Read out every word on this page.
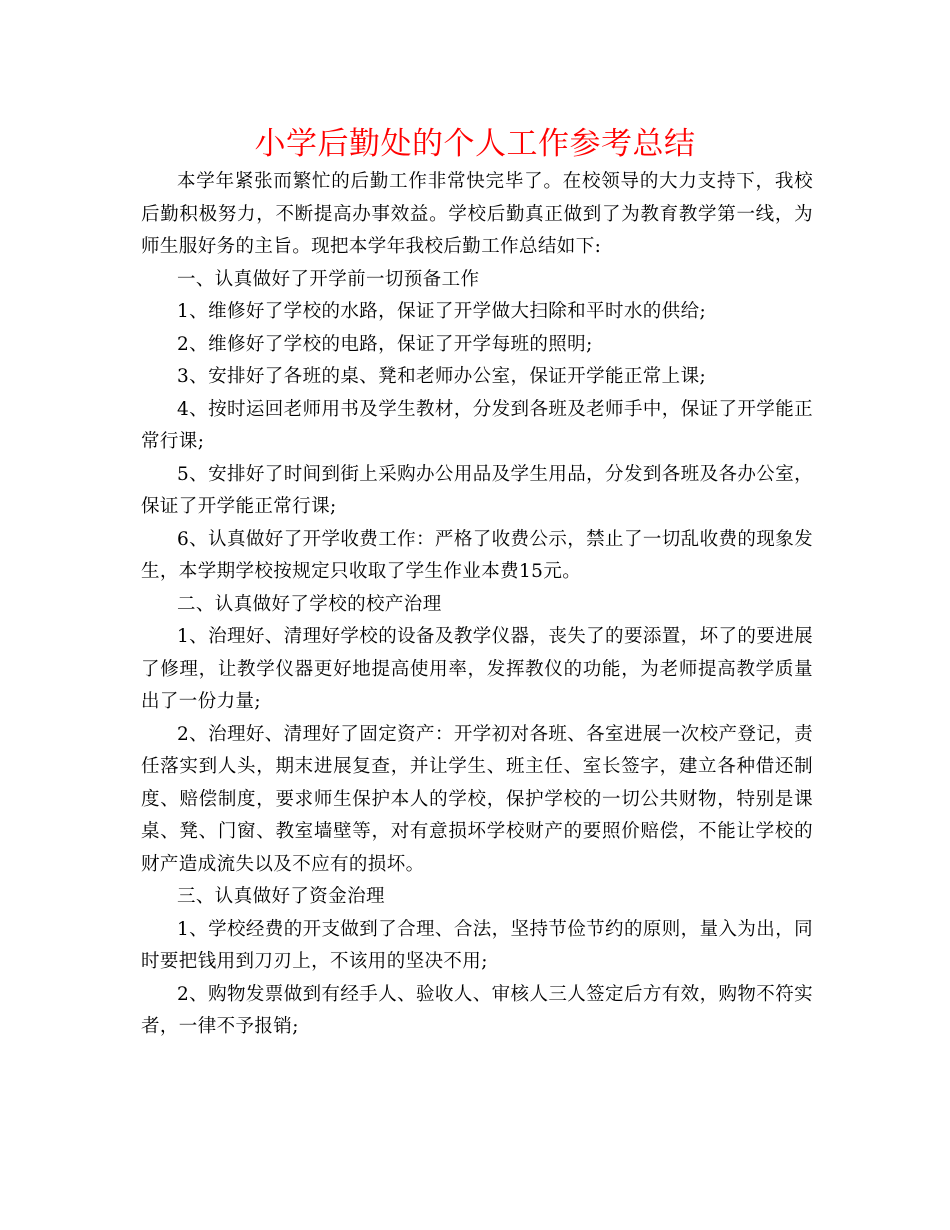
小学后勤处的个人工作参考总结

本学年紧张而繁忙的后勤工作非常快完毕了。在校领导的大力支持下，我校后勤积极努力，不断提高办事效益。学校后勤真正做到了为教育教学第一线，为师生服好务的主旨。现把本学年我校后勤工作总结如下:

一、认真做好了开学前一切预备工作

1、维修好了学校的水路，保证了开学做大扫除和平时水的供给;

2、维修好了学校的电路，保证了开学每班的照明;

3、安排好了各班的桌、凳和老师办公室，保证开学能正常上课;

4、按时运回老师用书及学生教材，分发到各班及老师手中，保证了开学能正常行课;

5、安排好了时间到街上采购办公用品及学生用品，分发到各班及各办公室，保证了开学能正常行课;

6、认真做好了开学收费工作：严格了收费公示，禁止了一切乱收费的现象发生，本学期学校按规定只收取了学生作业本费15元。

二、认真做好了学校的校产治理

1、治理好、清理好学校的设备及教学仪器，丧失了的要添置，坏了的要进展了修理，让教学仪器更好地提高使用率，发挥教仪的功能，为老师提高教学质量出了一份力量;

2、治理好、清理好了固定资产：开学初对各班、各室进展一次校产登记，责任落实到人头，期末进展复查，并让学生、班主任、室长签字，建立各种借还制度、赔偿制度，要求师生保护本人的学校，保护学校的一切公共财物，特别是课桌、凳、门窗、教室墙壁等，对有意损坏学校财产的要照价赔偿，不能让学校的财产造成流失以及不应有的损坏。

三、认真做好了资金治理

1、学校经费的开支做到了合理、合法，坚持节俭节约的原则，量入为出，同时要把钱用到刀刃上，不该用的坚决不用;

2、购物发票做到有经手人、验收人、审核人三人签定后方有效，购物不符实者，一律不予报销;
